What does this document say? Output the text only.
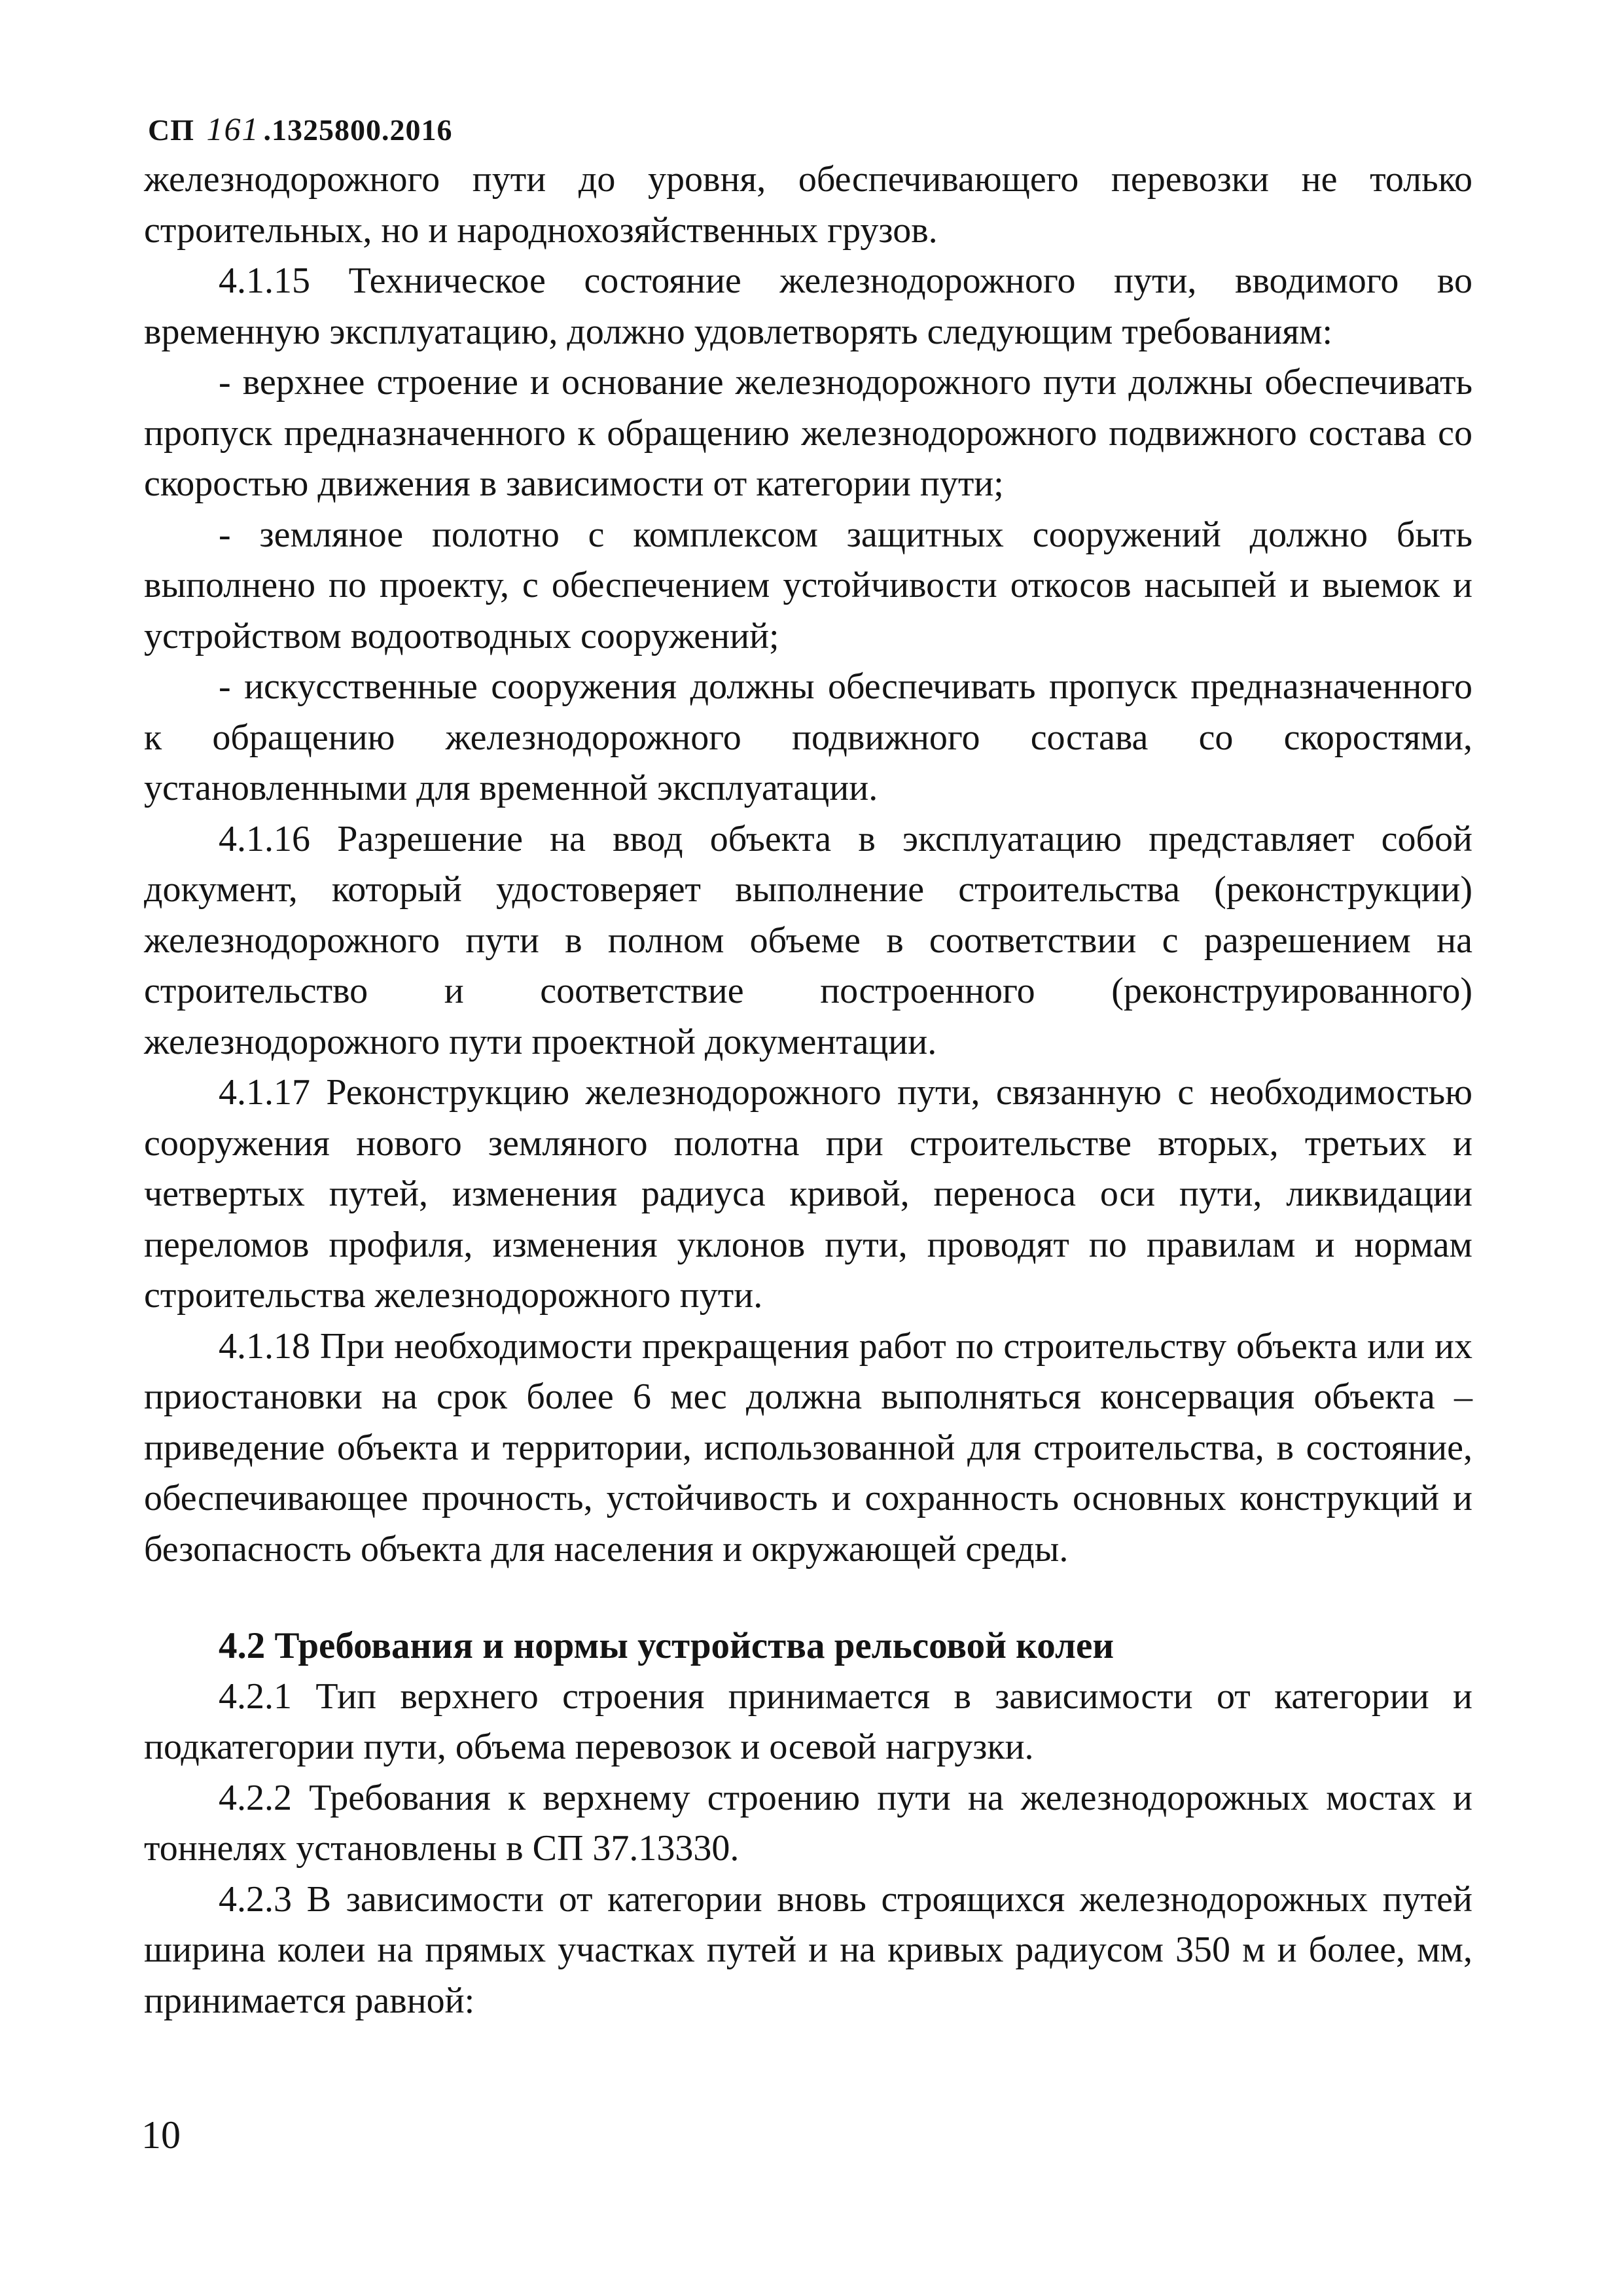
СП 161 .1325800.2016

железнодорожного пути до уровня, обеспечивающего перевозки не только строительных, но и народнохозяйственных грузов.

4.1.15 Техническое состояние железнодорожного пути, вводимого во временную эксплуатацию, должно удовлетворять следующим требованиям:

- верхнее строение и основание железнодорожного пути должны обеспечивать пропуск предназначенного к обращению железнодорожного подвижного состава со скоростью движения в зависимости от категории пути;

- земляное полотно с комплексом защитных сооружений должно быть выполнено по проекту, с обеспечением устойчивости откосов насыпей и выемок и устройством водоотводных сооружений;

- искусственные сооружения должны обеспечивать пропуск предназначенного к обращению железнодорожного подвижного состава со скоростями, установленными для временной эксплуатации.

4.1.16 Разрешение на ввод объекта в эксплуатацию представляет собой документ, который удостоверяет выполнение строительства (реконструкции) железнодорожного пути в полном объеме в соответствии с разрешением на строительство и соответствие построенного (реконструированного) железнодорожного пути проектной документации.

4.1.17 Реконструкцию железнодорожного пути, связанную с необходимостью сооружения нового земляного полотна при строительстве вторых, третьих и четвертых путей, изменения радиуса кривой, переноса оси пути, ликвидации переломов профиля, изменения уклонов пути, проводят по правилам и нормам строительства железнодорожного пути.

4.1.18 При необходимости прекращения работ по строительству объекта или их приостановки на срок более 6 мес должна выполняться консервация объекта – приведение объекта и территории, использованной для строительства, в состояние, обеспечивающее прочность, устойчивость и сохранность основных конструкций и безопасность объекта для населения и окружающей среды.

4.2 Требования и нормы устройства рельсовой колеи

4.2.1 Тип верхнего строения принимается в зависимости от категории и подкатегории пути, объема перевозок и осевой нагрузки.

4.2.2 Требования к верхнему строению пути на железнодорожных мостах и тоннелях установлены в СП 37.13330.

4.2.3 В зависимости от категории вновь строящихся железнодорожных путей ширина колеи на прямых участках путей и на кривых радиусом 350 м и более, мм, принимается равной:

10
